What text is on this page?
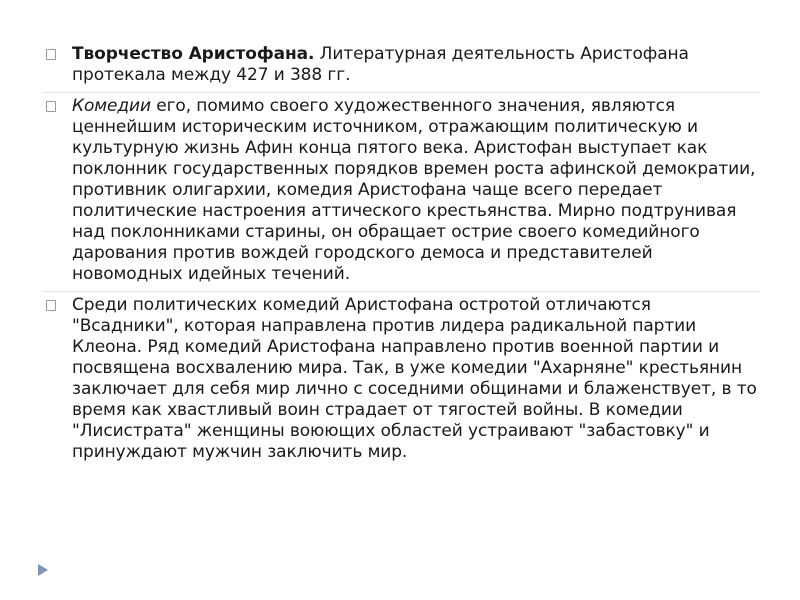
Творчество Аристофана. Литературная деятельность Аристофана протекала между 427 и 388 гг.
Комедии его, помимо своего художественного значения, являются ценнейшим историческим источником, отражающим политическую и культурную жизнь Афин конца пятого века. Аристофан выступает как поклонник государственных порядков времен роста афинской демократии, противник олигархии, комедия Аристофана чаще всего передает политические настроения аттического крестьянства. Мирно подтрунивая над поклонниками старины, он обращает острие своего комедийного дарования против вождей городского демоса и представителей новомодных идейных течений.
Среди политических комедий Аристофана остротой отличаются "Всадники", которая направлена против лидера радикальной партии Клеона. Ряд комедий Аристофана направлено против военной партии и посвящена восхвалению мира. Так, в уже комедии "Ахарняне" крестьянин заключает для себя мир лично с соседними общинами и блаженствует, в то время как хвастливый воин страдает от тягостей войны. В комедии "Лисистрата" женщины воюющих областей устраивают "забастовку" и принуждают мужчин заключить мир.
